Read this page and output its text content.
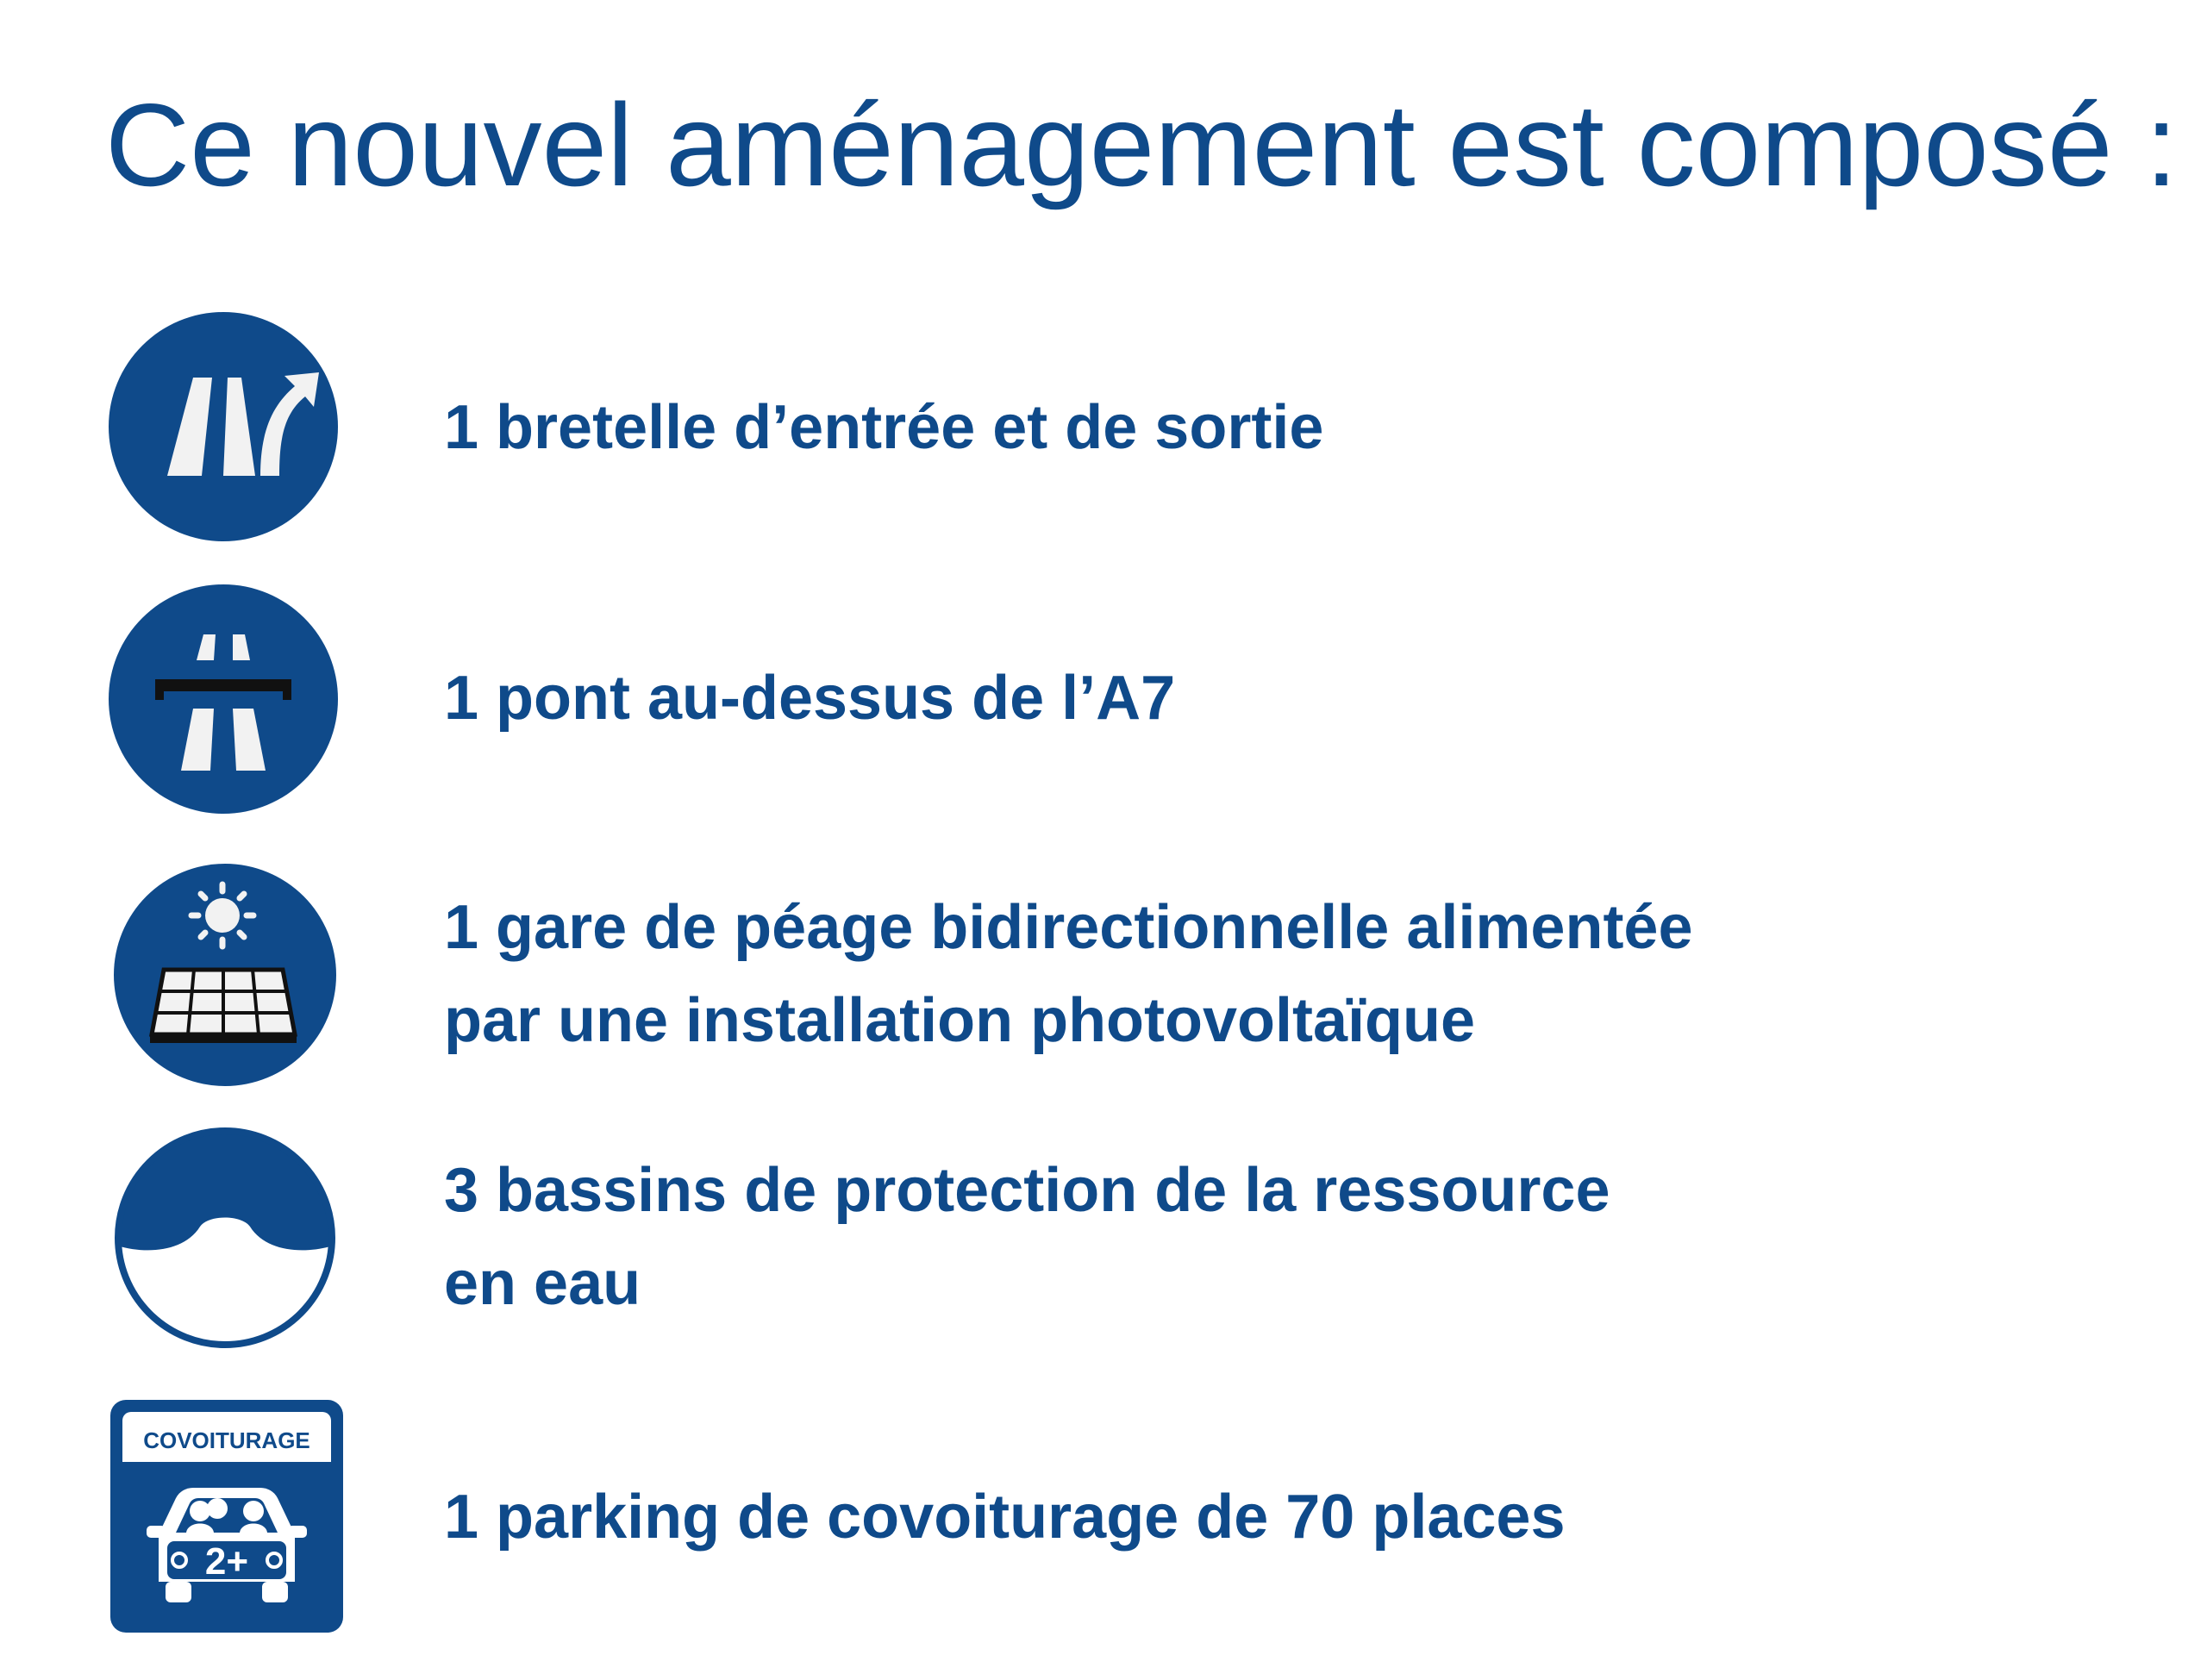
Ce nouvel aménagement est composé :
1 bretelle d’entrée et de sortie
1 pont au-dessus de l’A7
1 gare de péage bidirectionnelle alimentée
par une installation photovoltaïque
3 bassins de protection de la ressource
en eau
COVOITURAGE
2+
1 parking de covoiturage de 70 places
